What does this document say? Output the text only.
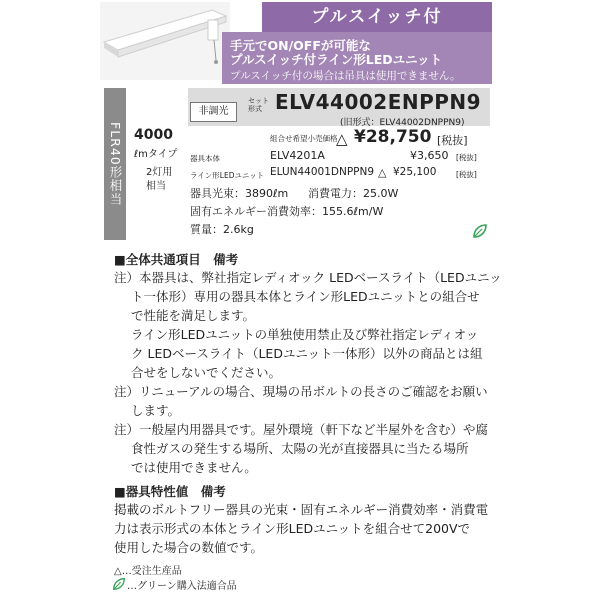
プルスイッチ付
手元でON/OFFが可能な
プルスイッチ付ライン形LEDユニット
プルスイッチ付の場合は吊具は使用できません。
FLR40形相当 4000
ℓmタイプ
2灯用
相当
非調光
セット形式 ELV44002ENPPN9
(旧形式：ELV44002DNPPN9)
組合せ希望小売価格
△ ¥28,750 [税抜]
器具本体	ELV4201A	¥3,650 [税抜]
ライン形LEDユニット ELUN44001DNPPN9 △ ¥25,100	[税抜]
器具光束：3890ℓm 消費電力：25.0W
固有エネルギー消費効率：155.6ℓm/W
質量：2.6kg
■全体共通項目　備考
注）本器具は、弊社指定レディオック LEDベースライト（LEDユニッ
ト一体形）専用の器具本体とライン形LEDユニットとの組合せ
で性能を満足します。
ライン形LEDユニットの単独使用禁止及び弊社指定レディオッ
ク LEDベースライト（LEDユニット一体形）以外の商品とは組
合せをしないでください。
注）リニューアルの場合、現場の吊ボルトの長さのご確認をお願い
します。
注）一般屋内用器具です。屋外環境（軒下など半屋外を含む）や腐
食性ガスの発生する場所、太陽の光が直接器具に当たる場所
では使用できません。
■器具特性値　備考
掲載のボルトフリー器具の光束・固有エネルギー消費効率・消費電
力は表示形式の本体とライン形LEDユニットを組合せて200Vで
使用した場合の数値です。
△…受注生産品
…グリーン購入法適合品
